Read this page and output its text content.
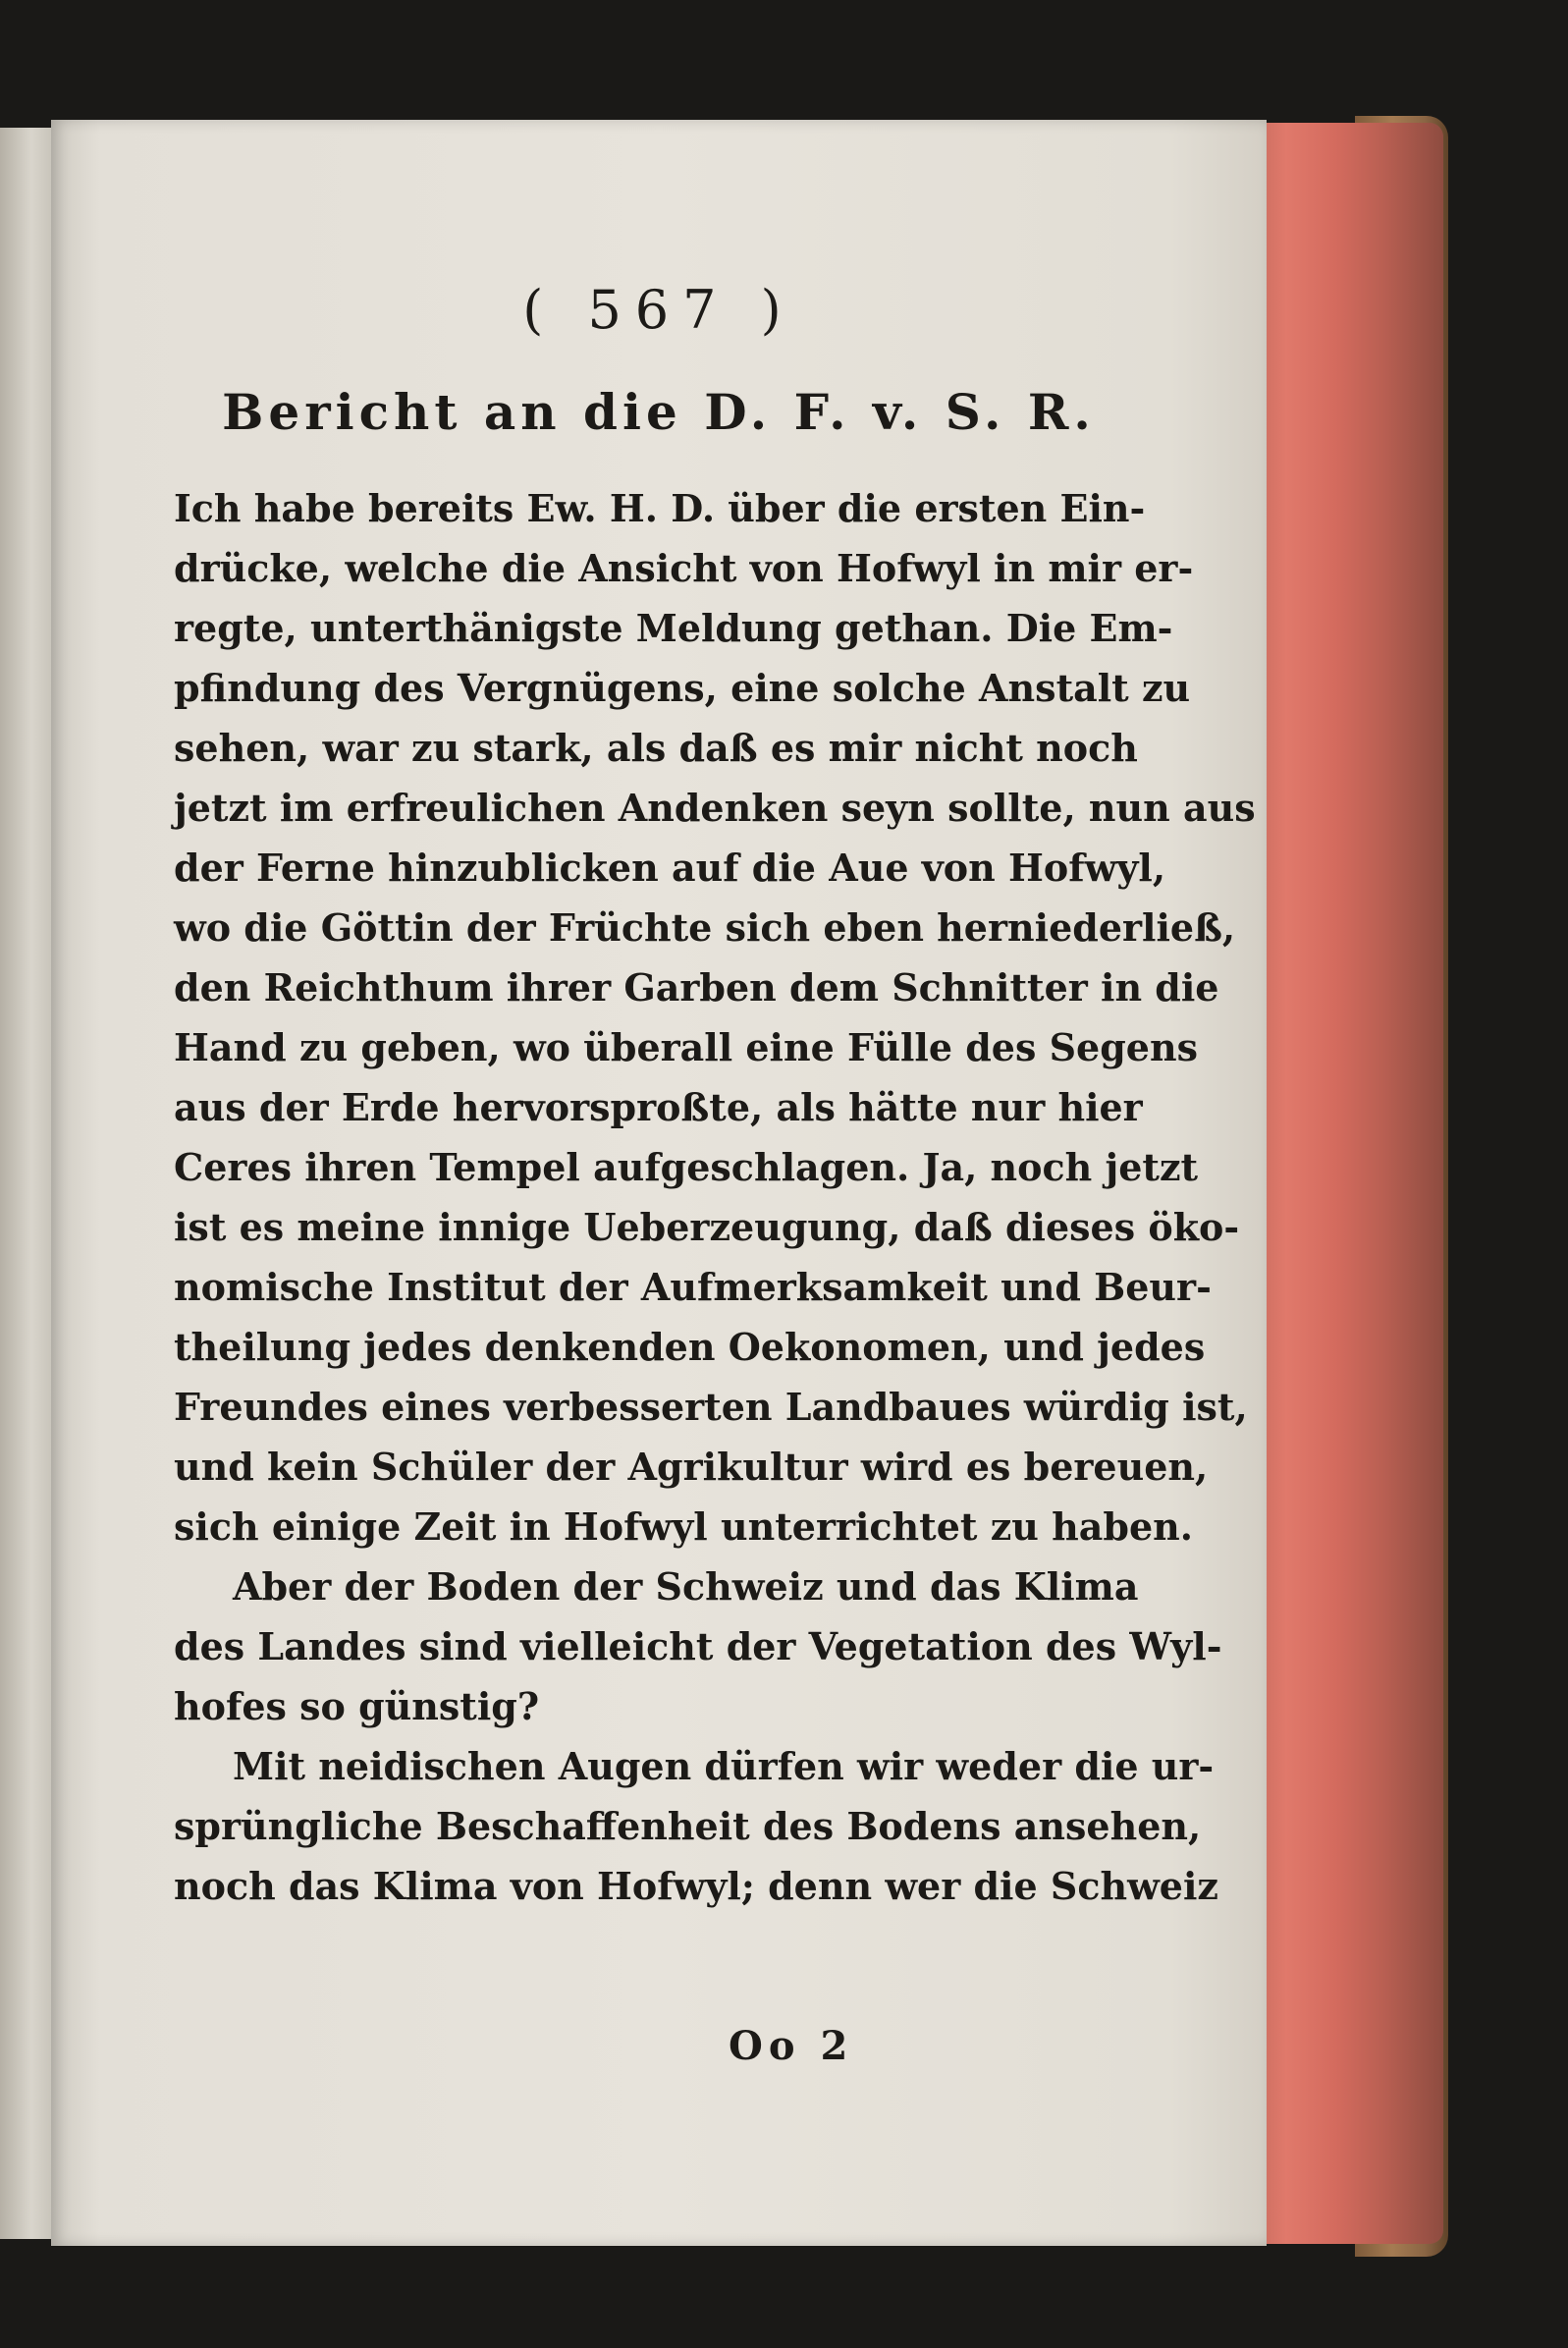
( 567 )
Bericht an die D. F. v. S. R.
Ich habe bereits Ew. H. D. über die ersten Ein-
drücke, welche die Ansicht von Hofwyl in mir er-
regte, unterthänigste Meldung gethan. Die Em-
pfindung des Vergnügens, eine solche Anstalt zu
sehen, war zu stark, als daß es mir nicht noch
jetzt im erfreulichen Andenken seyn sollte, nun aus
der Ferne hinzublicken auf die Aue von Hofwyl,
wo die Göttin der Früchte sich eben herniederließ,
den Reichthum ihrer Garben dem Schnitter in die
Hand zu geben, wo überall eine Fülle des Segens
aus der Erde hervorsproßte, als hätte nur hier
Ceres ihren Tempel aufgeschlagen. Ja, noch jetzt
ist es meine innige Ueberzeugung, daß dieses öko-
nomische Institut der Aufmerksamkeit und Beur-
theilung jedes denkenden Oekonomen, und jedes
Freundes eines verbesserten Landbaues würdig ist,
und kein Schüler der Agrikultur wird es bereuen,
sich einige Zeit in Hofwyl unterrichtet zu haben.
Aber der Boden der Schweiz und das Klima
des Landes sind vielleicht der Vegetation des Wyl-
hofes so günstig?
Mit neidischen Augen dürfen wir weder die ur-
sprüngliche Beschaffenheit des Bodens ansehen,
noch das Klima von Hofwyl; denn wer die Schweiz
Oo 2
